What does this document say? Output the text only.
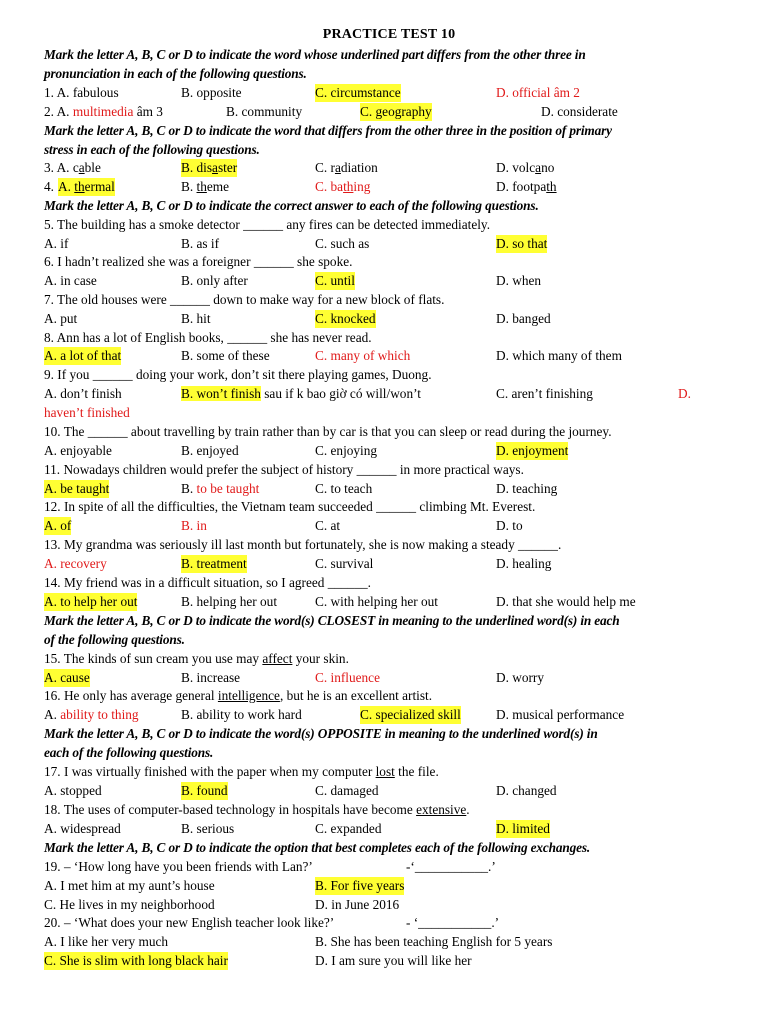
PRACTICE TEST 10
Mark the letter A, B, C or D to indicate the word whose underlined part differs from the other three in
pronunciation in each of the following questions.
1. A. fabulous	B. opposite	C. circumstance	D. official âm 2
2. A. multimedia âm 3	B. community	C. geography	D. considerate
Mark the letter A, B, C or D to indicate the word that differs from the other three in the position of primary
stress in each of the following questions.
3. A. cable	B. disaster	C. radiation	D. volcano
4. A. thermal	B. theme	C. bathing	D. footpath
Mark the letter A, B, C or D to indicate the correct answer to each of the following questions.
5. The building has a smoke detector ______ any fires can be detected immediately.
A. if	B. as if	C. such as	D. so that
6. I hadn’t realized she was a foreigner ______ she spoke.
A. in case	B. only after	C. until	D. when
7. The old houses were ______ down to make way for a new block of flats.
A. put	B. hit	C. knocked	D. banged
8. Ann has a lot of English books, ______ she has never read.
A. a lot of that	B. some of these	C. many of which	D. which many of them
9. If you ______ doing your work, don’t sit there playing games, Duong.
A. don’t finish	B. won’t finish sau if k bao giờ có will/won’t	C. aren’t finishing	D.
haven’t finished
10. The ______ about travelling by train rather than by car is that you can sleep or read during the journey.
A. enjoyable	B. enjoyed	C. enjoying	D. enjoyment
11. Nowadays children would prefer the subject of history ______ in more practical ways.
A. be taught	B. to be taught	C. to teach	D. teaching
12. In spite of all the difficulties, the Vietnam team succeeded ______ climbing Mt. Everest.
A. of	B. in	C. at	D. to
13. My grandma was seriously ill last month but fortunately, she is now making a steady ______.
A. recovery	B. treatment	C. survival	D. healing
14. My friend was in a difficult situation, so I agreed ______.
A. to help her out	B. helping her out	C. with helping her out	D. that she would help me
Mark the letter A, B, C or D to indicate the word(s) CLOSEST in meaning to the underlined word(s) in each
of the following questions.
15. The kinds of sun cream you use may affect your skin.
A. cause	B. increase	C. influence	D. worry
16. He only has average general intelligence, but he is an excellent artist.
A. ability to thing	B. ability to work hard	C. specialized skill	D. musical performance
Mark the letter A, B, C or D to indicate the word(s) OPPOSITE in meaning to the underlined word(s) in
each of the following questions.
17. I was virtually finished with the paper when my computer lost the file.
A. stopped	B. found	C. damaged	D. changed
18. The uses of computer-based technology in hospitals have become extensive.
A. widespread	B. serious	C. expanded	D. limited
Mark the letter A, B, C or D to indicate the option that best completes each of the following exchanges.
19. – ‘How long have you been friends with Lan?’	-‘___________.’
A. I met him at my aunt’s house	B. For five years
C. He lives in my neighborhood	D. in June 2016
20. – ‘What does your new English teacher look like?’	- ‘___________.’
A. I like her very much	B. She has been teaching English for 5 years
C. She is slim with long black hair	D. I am sure you will like her
